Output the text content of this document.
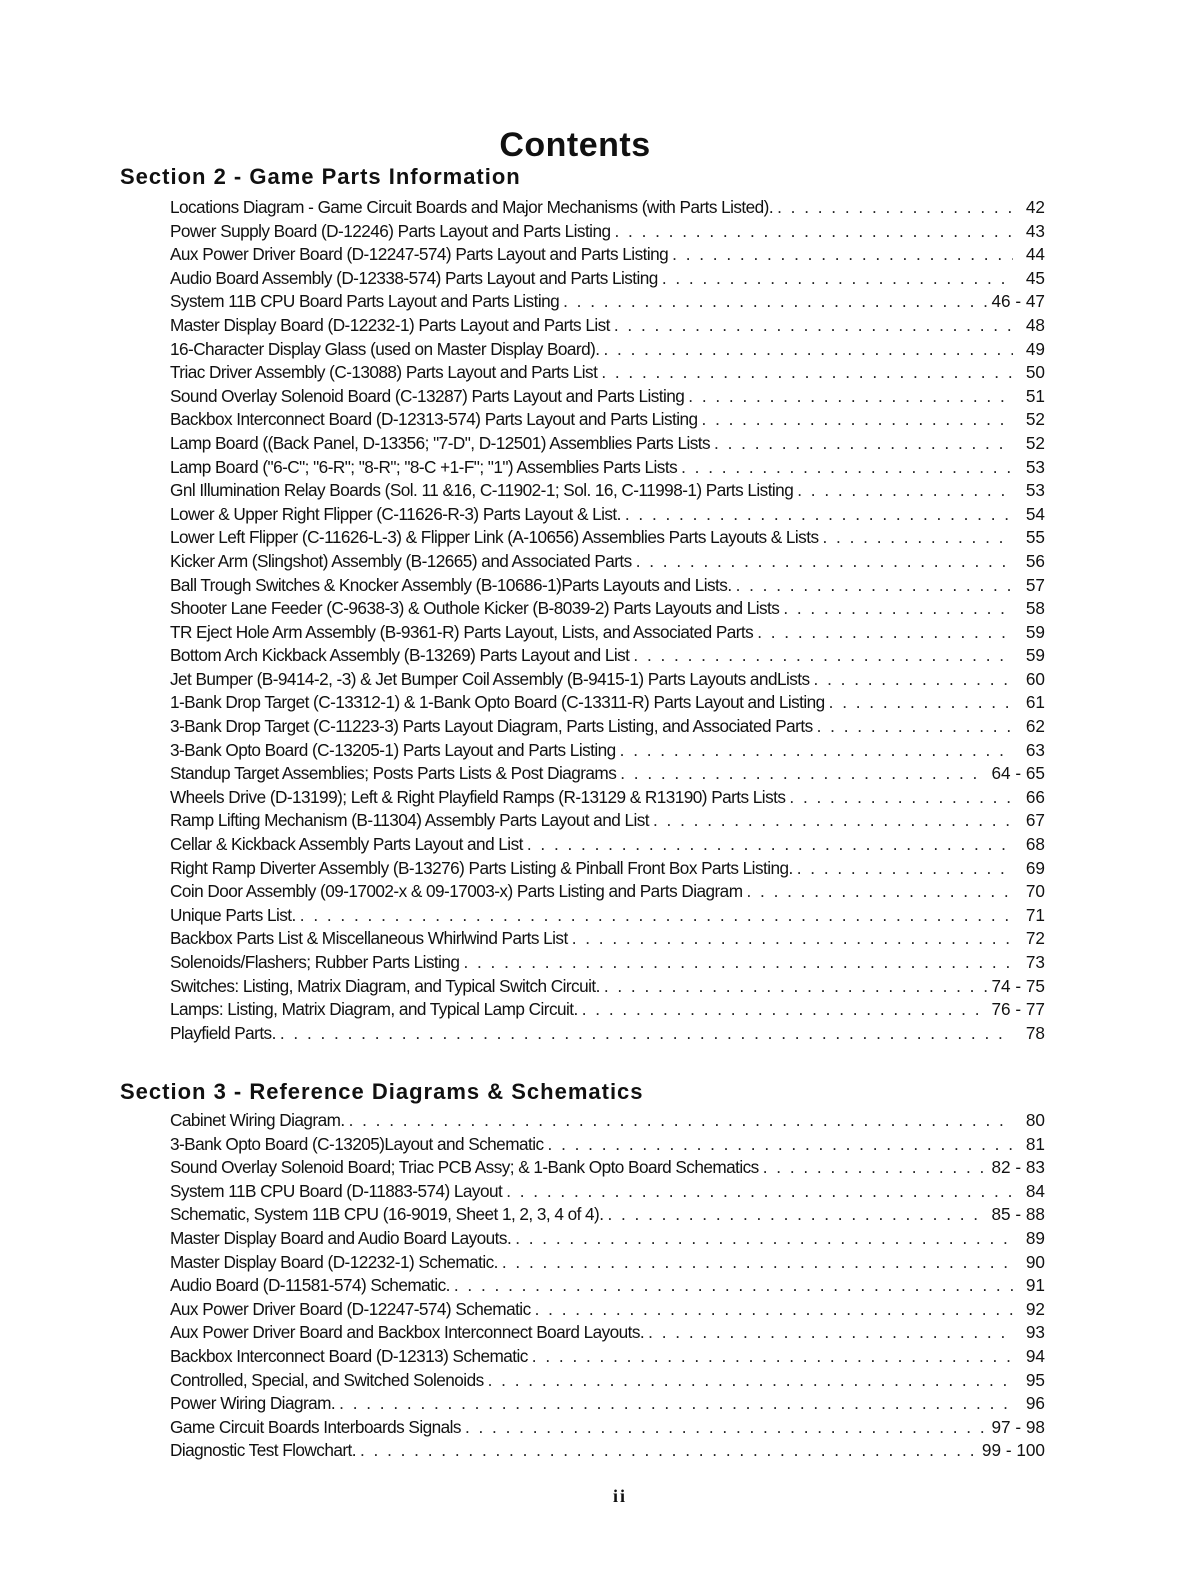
Contents
Section 2 - Game Parts Information
Locations Diagram - Game Circuit Boards and Major Mechanisms (with Parts Listed). . . .	42
Power Supply Board (D-12246) Parts Layout and Parts Listing . . .	43
Aux Power Driver Board (D-12247-574) Parts Layout and Parts Listing . . .	44
Audio Board Assembly (D-12338-574) Parts Layout and Parts Listing . . .	45
System 11B CPU Board Parts Layout and Parts Listing . . .	46 - 47
Master Display Board (D-12232-1) Parts Layout and Parts List . . .	48
16-Character Display Glass (used on Master Display Board). . . .	49
Triac Driver Assembly (C-13088) Parts Layout and Parts List . . .	50
Sound Overlay Solenoid Board (C-13287) Parts Layout and Parts Listing . . .	51
Backbox Interconnect Board (D-12313-574) Parts Layout and Parts Listing . . .	52
Lamp Board ((Back Panel, D-13356; "7-D", D-12501) Assemblies Parts Lists . . .	52
Lamp Board ("6-C"; "6-R"; "8-R"; "8-C +1-F"; "1") Assemblies Parts Lists . . .	53
Gnl Illumination Relay Boards (Sol. 11 &16, C-11902-1; Sol. 16, C-11998-1) Parts Listing . . .	53
Lower & Upper Right Flipper (C-11626-R-3) Parts Layout & List. . . .	54
Lower Left Flipper (C-11626-L-3) & Flipper Link (A-10656) Assemblies Parts Layouts & Lists . . .	55
Kicker Arm (Slingshot) Assembly (B-12665) and Associated Parts . . .	56
Ball Trough Switches & Knocker Assembly (B-10686-1)Parts Layouts and Lists. . . .	57
Shooter Lane Feeder (C-9638-3) & Outhole Kicker (B-8039-2) Parts Layouts and Lists . . .	58
TR Eject Hole Arm Assembly (B-9361-R) Parts Layout, Lists, and Associated Parts . . .	59
Bottom Arch Kickback Assembly (B-13269) Parts Layout and List . . .	59
Jet Bumper (B-9414-2, -3) & Jet Bumper Coil Assembly (B-9415-1) Parts Layouts andLists . . .	60
1-Bank Drop Target (C-13312-1) & 1-Bank Opto Board (C-13311-R) Parts Layout and Listing . . .	61
3-Bank Drop Target (C-11223-3) Parts Layout Diagram, Parts Listing, and Associated Parts . . .	62
3-Bank Opto Board (C-13205-1) Parts Layout and Parts Listing . . .	63
Standup Target Assemblies; Posts Parts Lists & Post Diagrams . . .	64 - 65
Wheels Drive (D-13199); Left & Right Playfield Ramps (R-13129 & R13190) Parts Lists . . .	66
Ramp Lifting Mechanism (B-11304) Assembly Parts Layout and List . . .	67
Cellar & Kickback Assembly Parts Layout and List . . .	68
Right Ramp Diverter Assembly (B-13276) Parts Listing & Pinball Front Box Parts Listing. . . .	69
Coin Door Assembly (09-17002-x & 09-17003-x) Parts Listing and Parts Diagram . . .	70
Unique Parts List. . . .	71
Backbox Parts List & Miscellaneous Whirlwind Parts List . . .	72
Solenoids/Flashers; Rubber Parts Listing . . .	73
Switches: Listing, Matrix Diagram, and Typical Switch Circuit. . . .	74 - 75
Lamps: Listing, Matrix Diagram, and Typical Lamp Circuit. . . .	76 - 77
Playfield Parts. . . .	78
Section 3 - Reference Diagrams & Schematics
Cabinet Wiring Diagram. . . .	80
3-Bank Opto Board (C-13205)Layout and Schematic . . .	81
Sound Overlay Solenoid Board; Triac PCB Assy; & 1-Bank Opto Board Schematics . . .	82 - 83
System 11B CPU Board (D-11883-574) Layout . . .	84
Schematic, System 11B CPU (16-9019, Sheet 1, 2, 3, 4 of 4). . . .	85 - 88
Master Display Board and Audio Board Layouts. . . .	89
Master Display Board (D-12232-1) Schematic. . . .	90
Audio Board (D-11581-574) Schematic. . . .	91
Aux Power Driver Board (D-12247-574) Schematic . . .	92
Aux Power Driver Board and Backbox Interconnect Board Layouts. . . .	93
Backbox Interconnect Board (D-12313) Schematic . . .	94
Controlled, Special, and Switched Solenoids . . .	95
Power Wiring Diagram. . . .	96
Game Circuit Boards Interboards Signals . . .	97 - 98
Diagnostic Test Flowchart. . . .	99 - 100
ii
